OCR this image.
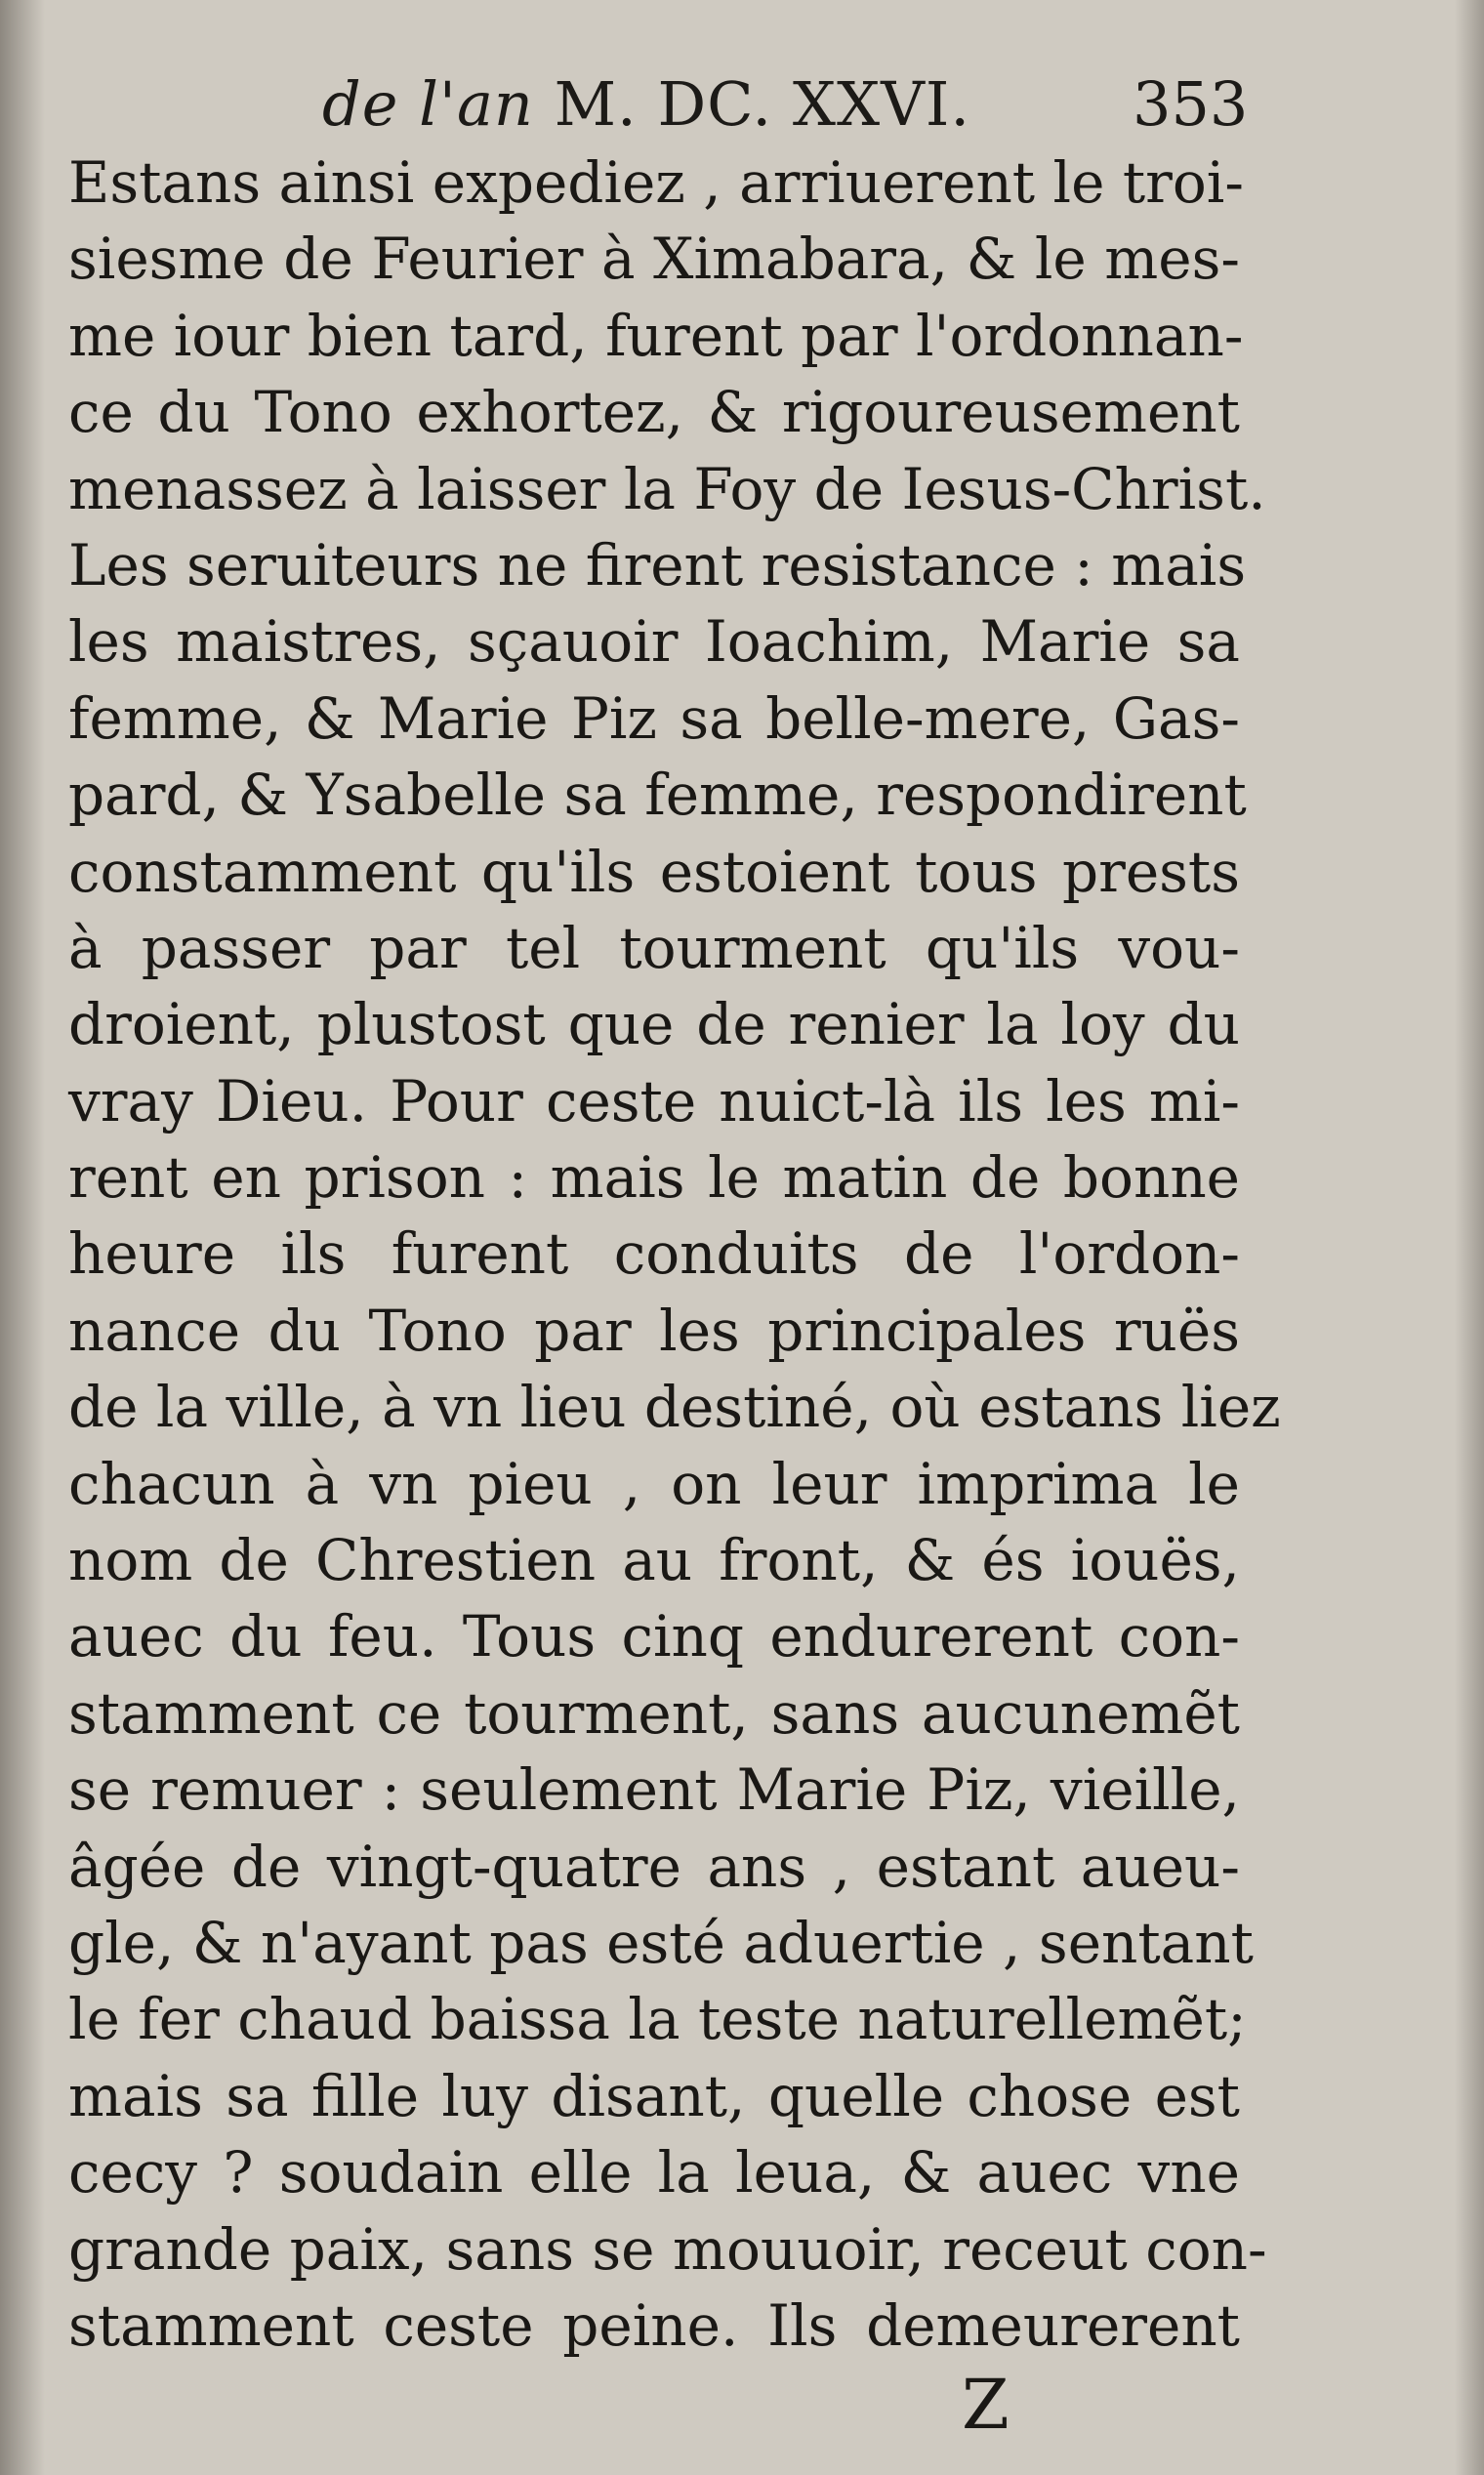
de l'an M. DC. XXVI.	353
Estans ainsi expediez , arriuerent le troi-
siesme de Feurier à Ximabara, & le mes-
me iour bien tard, furent par l'ordonnan-
ce du Tono exhortez, & rigoureusement
menassez à laisser la Foy de Iesus-Christ.
Les seruiteurs ne firent resistance : mais
les maistres, sçauoir Ioachim, Marie sa
femme, & Marie Piz sa belle-mere, Gas-
pard, & Ysabelle sa femme, respondirent
constamment qu'ils estoient tous prests
à passer par tel tourment qu'ils vou-
droient, plustost que de renier la loy du
vray Dieu. Pour ceste nuict-là ils les mi-
rent en prison : mais le matin de bonne
heure ils furent conduits de l'ordon-
nance du Tono par les principales ruës
de la ville, à vn lieu destiné, où estans liez
chacun à vn pieu , on leur imprima le
nom de Chrestien au front, & és iouës,
auec du feu. Tous cinq endurerent con-
stamment ce tourment, sans aucunemẽt
se remuer : seulement Marie Piz, vieille,
âgée de vingt-quatre ans , estant aueu-
gle, & n'ayant pas esté aduertie , sentant
le fer chaud baissa la teste naturellemẽt;
mais sa fille luy disant, quelle chose est
cecy ? soudain elle la leua, & auec vne
grande paix, sans se mouuoir, receut con-
stamment ceste peine. Ils demeurerent
Z
